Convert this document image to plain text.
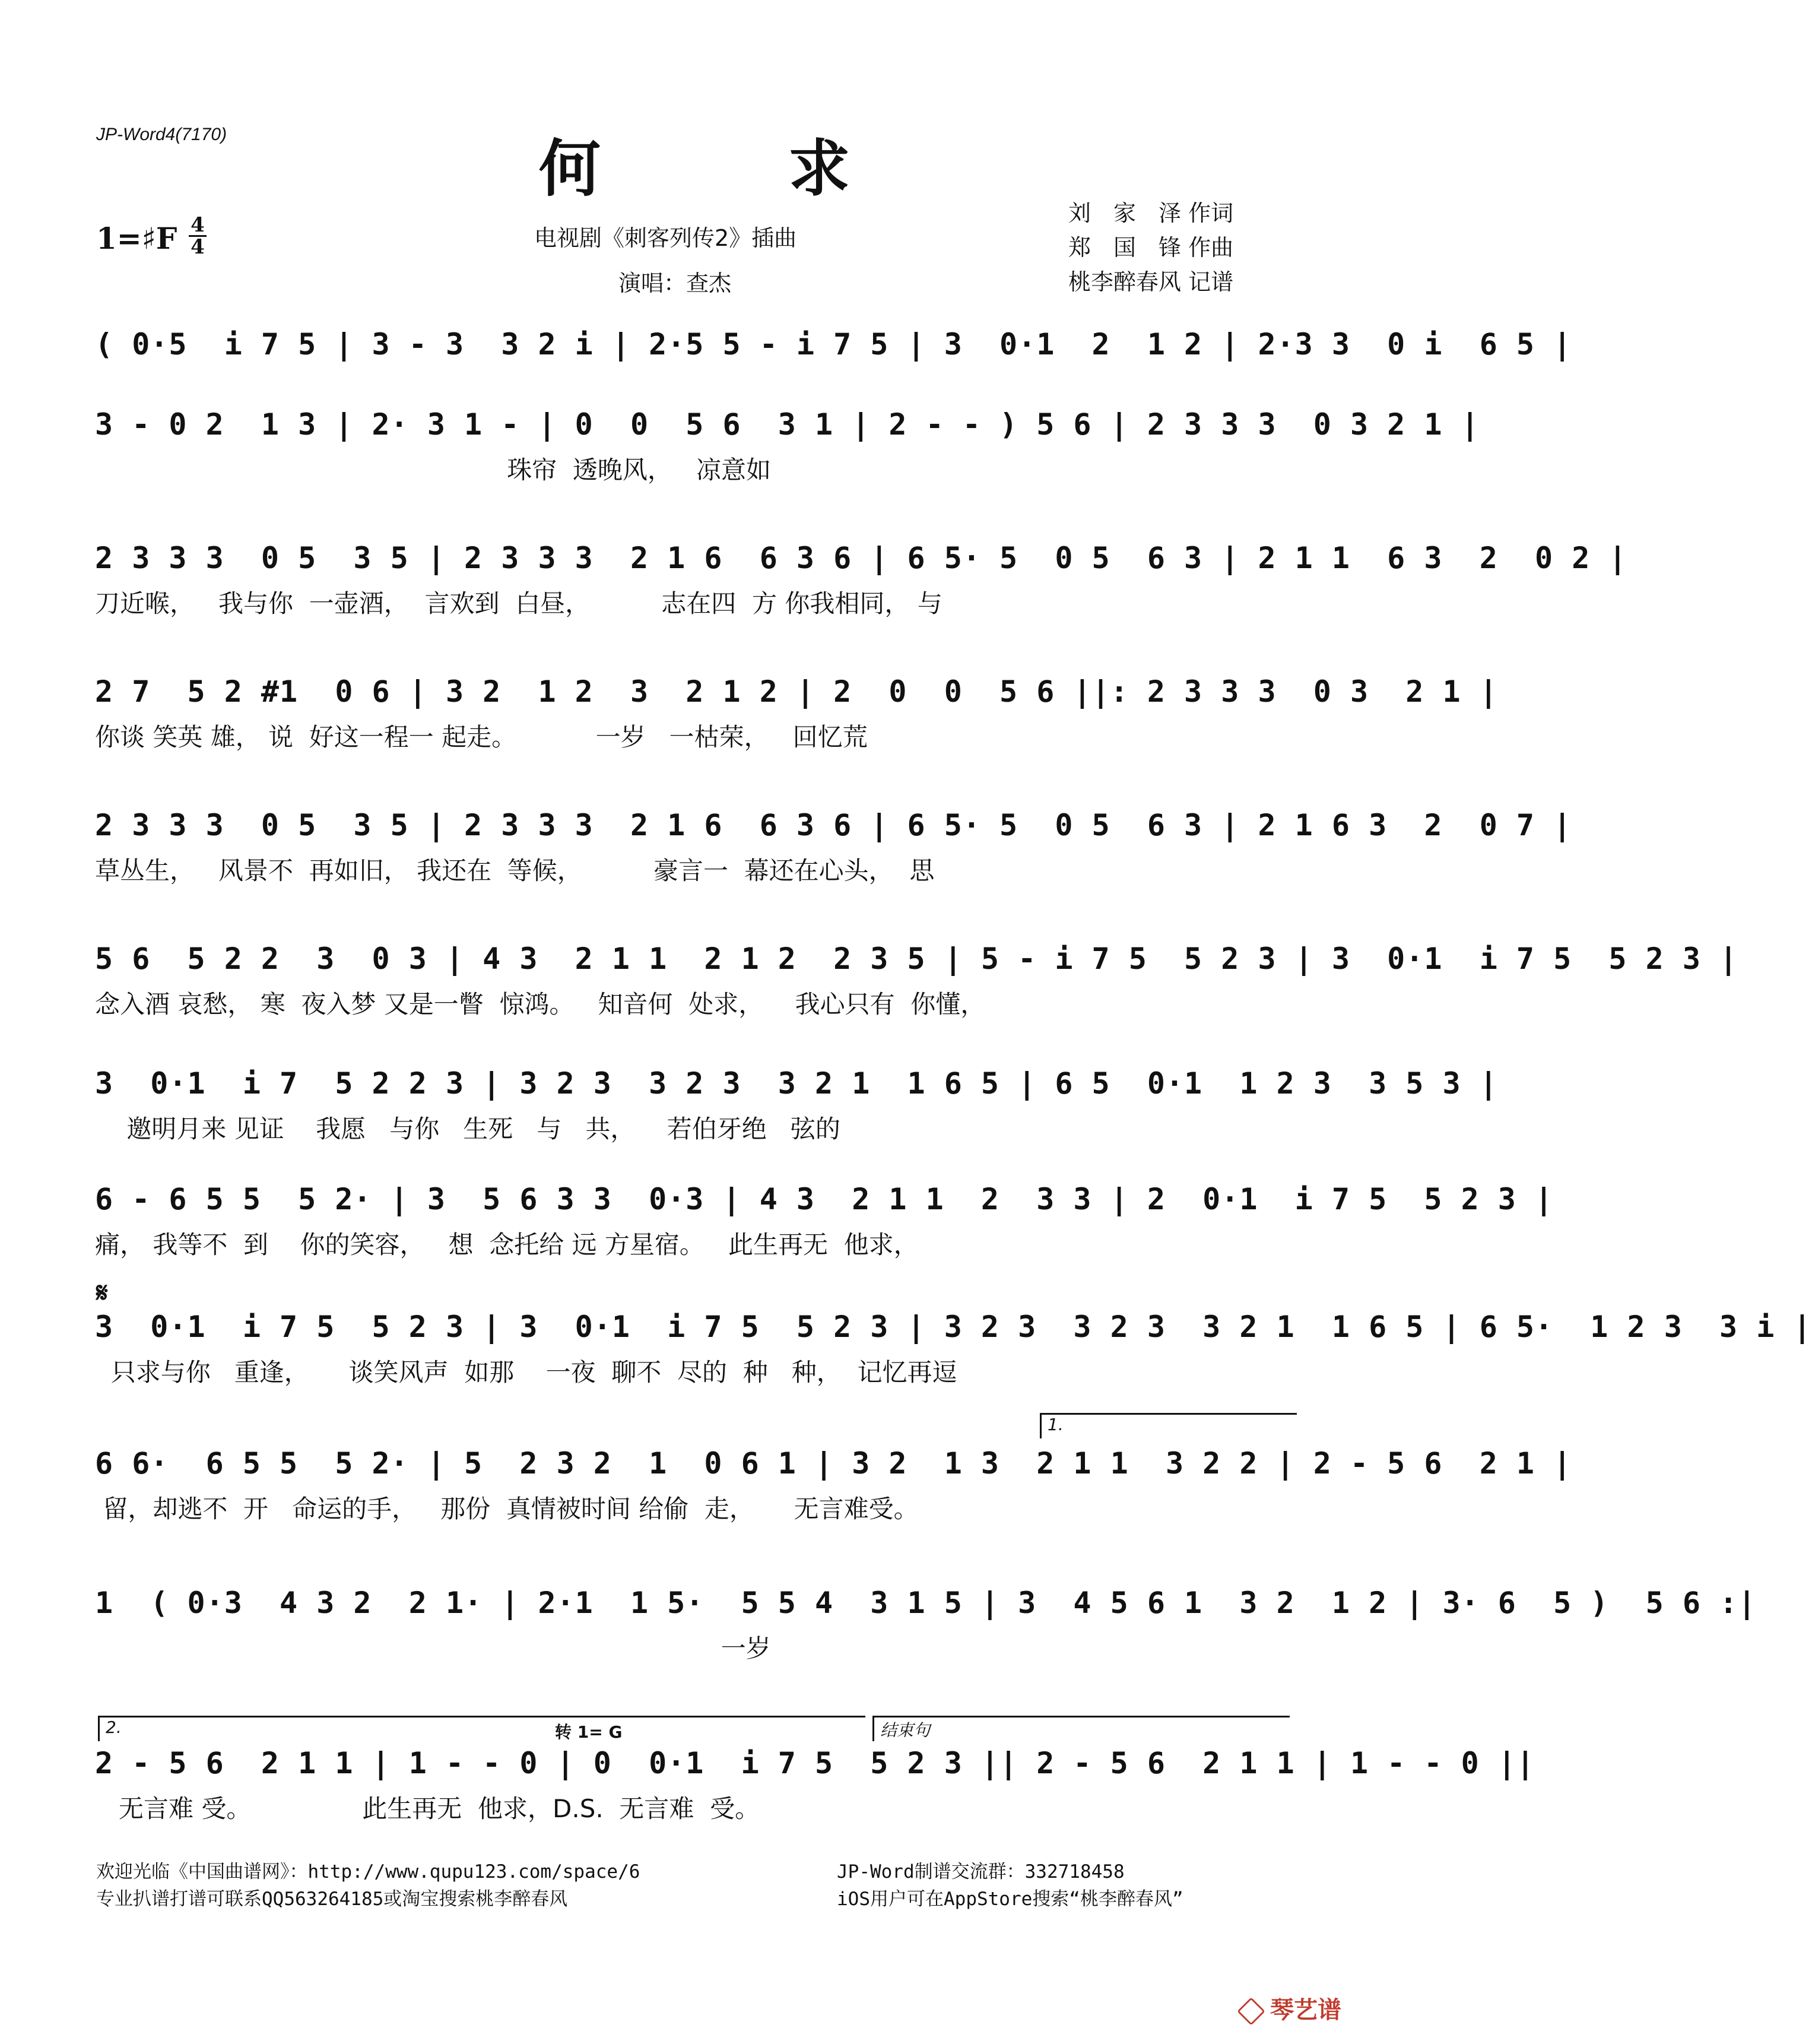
JP-Word4(7170)	何 求
1=♯F 4
4	电视剧《刺客列传2》插曲
演唱：查杰
刘　家　泽 作词
郑　国　锋 作曲
桃李醉春风 记谱
( 0·5  i 7 5 | 3 - 3  3 2 i | 2·5 5 - i 7 5 | 3  0·1  2  1 2 | 2·3 3  0 i  6 5 |
3 - 0 2  1 3 | 2· 3 1 - | 0  0  5 6  3 1 | 2 - - ) 5 6 | 2 3 3 3  0 3 2 1 |
珠帘  透晚风，   凉意如
2 3 3 3  0 5  3 5 | 2 3 3 3  2 1 6  6 3 6 | 6 5· 5  0 5  6 3 | 2 1 1  6 3  2  0 2 |
刀近喉，   我与你  一壶酒，  言欢到  白昼，         志在四  方 你我相同， 与
2 7  5 2 #1  0 6 | 3 2  1 2  3  2 1 2 | 2  0  0  5 6 ||: 2 3 3 3  0 3  2 1 |
你谈 笑英 雄， 说  好这一程一 起走。          一岁   一枯荣，   回忆荒
2 3 3 3  0 5  3 5 | 2 3 3 3  2 1 6  6 3 6 | 6 5· 5  0 5  6 3 | 2 1 6 3  2  0 7 |
草丛生，   风景不  再如旧， 我还在  等候，         豪言一  幕还在心头，  思
5 6  5 2 2  3  0 3 | 4 3  2 1 1  2 1 2  2 3 5 | 5 - i 7 5  5 2 3 | 3  0·1  i 7 5  5 2 3 |
念入酒 哀愁， 寒  夜入梦 又是一瞥  惊鸿。   知音何  处求，    我心只有  你懂，
3  0·1  i 7  5 2 2 3 | 3 2 3  3 2 3  3 2 1  1 6 5 | 6 5  0·1  1 2 3  3 5 3 |
邀明月来 见证    我愿   与你   生死   与   共，    若伯牙绝   弦的
6 - 6 5 5  5 2· | 3  5 6 3 3  0·3 | 4 3  2 1 1  2  3 3 | 2  0·1  i 7 5  5 2 3 |
痛， 我等不  到    你的笑容，   想  念托给 远 方星宿。   此生再无  他求，
𝄋
3  0·1  i 7 5  5 2 3 | 3  0·1  i 7 5  5 2 3 | 3 2 3  3 2 3  3 2 1  1 6 5 | 6 5·  1 2 3  3 i |
只求与你   重逢，     谈笑风声  如那    一夜  聊不  尽的  种   种，  记忆再逗
1.
6 6·  6 5 5  5 2· | 5  2 3 2  1  0 6 1 | 3 2  1 3  2 1 1  3 2 2 | 2 - 5 6  2 1 |
留，却逃不  开   命运的手，   那份  真情被时间 给偷  走，     无言难受。
1  ( 0·3  4 3 2  2 1· | 2·1  1 5·  5 5 4  3 1 5 | 3  4 5 6 1  3 2  1 2 | 3· 6  5 )  5 6 :|
一岁
2.	转 1= G	结束句
2 - 5 6  2 1 1 | 1 - - 0 | 0  0·1  i 7 5  5 2 3 || 2 - 5 6  2 1 1 | 1 - - 0 ||
无言难 受。              此生再无  他求，D.S.  无言难  受。
欢迎光临《中国曲谱网》：http://www.qupu123.com/space/6
专业扒谱打谱可联系QQ563264185或淘宝搜索桃李醉春风
JP-Word制谱交流群：332718458
iOS用户可在AppStore搜索“桃李醉春风”
琴艺谱
